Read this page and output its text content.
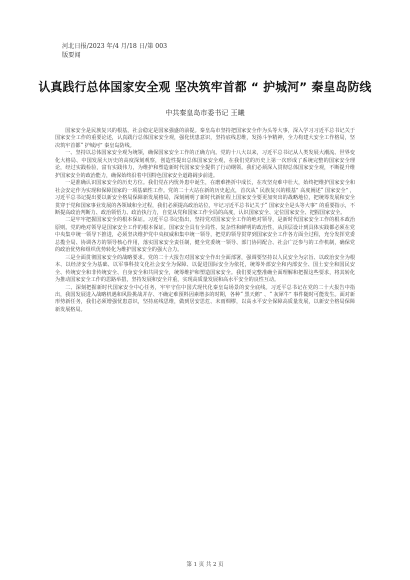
河北日报/2023 年/4 月/18 日/第 003
版要闻
认真践行总体国家安全观 坚决筑牢首都 “ 护城河” 秦皇岛防线
中共秦皇岛市委书记 王曦

国家安全是民族复兴的根基，社会稳定是国家强盛的前提。秦皇岛市坚持把国家安全作为头等大事，深入学习习近平总书记关于国家安全工作的重要论述，认真践行总体国家安全观，强化忧患意识，坚持底线思维，发扬斗争精神，全力构建大安全工作格局，坚决筑牢首都“ 护城河” 秦皇岛防线。

一、坚持以总体国家安全观为统领，确保国家安全工作的正确方向。党的十八大以来，习近平总书记从人类发展大潮流、世界变化大格局、中国发展大历史的高度深刻观察，创造性提出总体国家安全观，在我们党的历史上第一次形成了系统完整的国家安全理论，经过实践检验，富有实践伟力，为维护和塑造新时代国家安全提供了行动纲领。我们必须深入贯彻总体国家安全观，不断提升维护国家安全的政治能力，确保始终沿着中国特色国家安全道路阔步前进。

一是准确认识国家安全的历史方位。我们党在内忧外患中诞生，在磨难挫折中成长，在攻坚克难中壮大，始终把维护国家安全和社会安定作为实现和保障国家的一项基础性工作。党的二十大站在新的历史起点，首次从“ 民族复兴的根基” 高度阐述“ 国家安全” ，习近平总书记提出要以新安全格局保障新发展格局，深刻阐明了新时代新征程上国家安全要更加突出的战略地位，把统筹发展和安全贯穿于党和国家事业发展的各领域和全过程，我们必须提高政治站位，牢记习近平总书记关于“ 国家安全是头等大事” 的重要指示，不断提高政治判断力、政治领悟力、政治执行力，自觉从党和国家工作全局的高度，认识国家安全、定位国家安全、把握国家安全。

二是牢牢把握国家安全的根本保证。习近平总书记指出，坚持党对国家安全工作的绝对领导，是新时代国家安全工作的根本政治原则。党的绝对领导是国家安全工作的根本保证。国家安全具有全局性、复杂性和鲜明的政治性，从顶层设计到具体实践都必须在党中央集中统一领导下推进，必须坚决维护党中央权威和集中统一领导，把党的领导贯穿到国家安全工作各方面全过程，充分发挥党委总揽全局、协调各方的领导核心作用，落实国家安全责任制，健全党委统一领导、部门协同配合、社会广泛参与的工作机制，确保党的政治优势和组织优势转化为维护国家安全的强大合力。

三是全面贯彻国家安全的战略要求。党的二十大报告对国家安全作出全面部署，强调要坚持以人民安全为宗旨、以政治安全为根本、以经济安全为基础、以军事科技文化社会安全为保障、以促进国际安全为依托，统筹外部安全和内部安全、国土安全和国民安全、传统安全和非传统安全、自身安全和共同安全，统筹维护和塑造国家安全。我们要完整准确全面理解和把握这些要求，将其转化为推动国家安全工作的思路举措，坚持发展和安全并重，实现高质量发展和高水平安全的良性互动。

二、深刻把握新时代国家安全中心任务，牢牢守住中国式现代化秦皇岛场景的安全底线。习近平总书记在党的二十大报告中指出，我国发展进入战略机遇和风险挑战并存、不确定难预料因素增多的时期，各种“ 黑天鹅” 、“ 灰犀牛” 事件随时可能发生。面对新形势新任务，我们必须增强忧患意识，坚持底线思维，做到居安思危、未雨绸缪，以高水平安全保障高质量发展，以新安全格局保障新发展格局。

第 1 页 共 2 页
